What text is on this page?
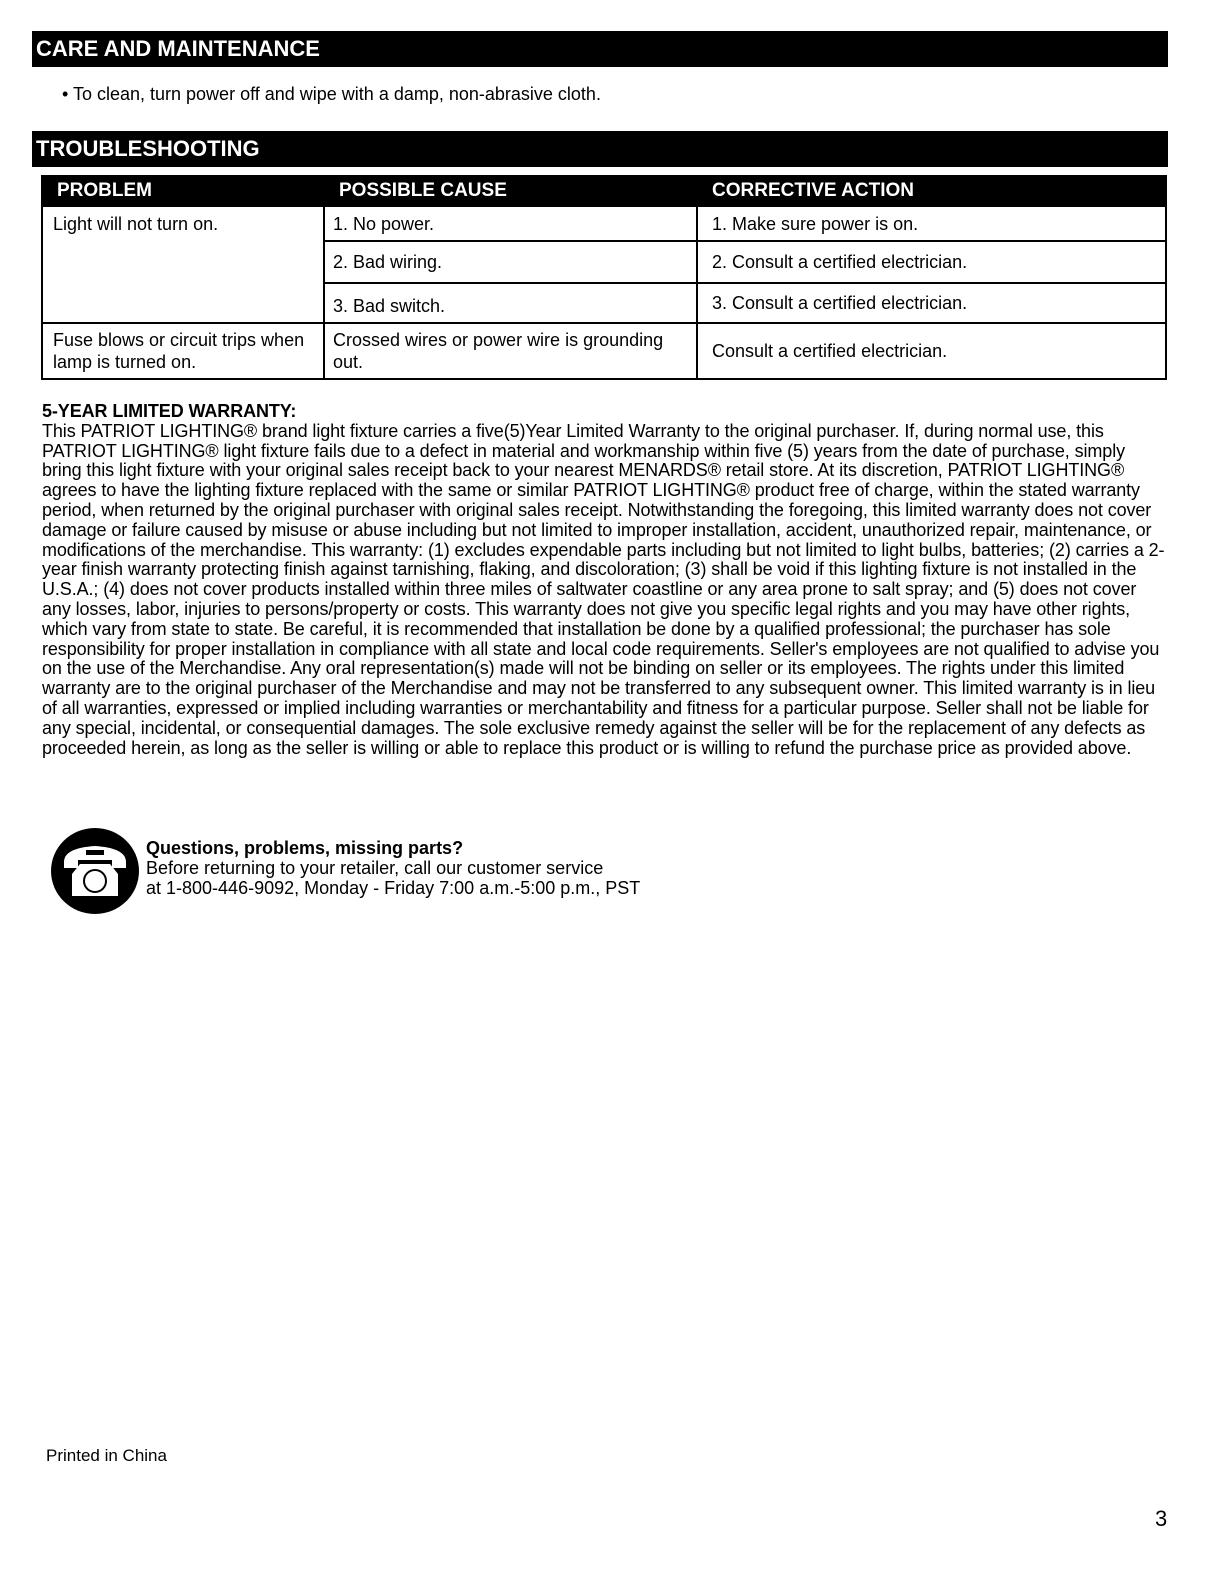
CARE AND MAINTENANCE
• To clean, turn power off and wipe with a damp, non-abrasive cloth.
TROUBLESHOOTING
PROBLEM	POSSIBLE CAUSE	CORRECTIVE ACTION
Light will not turn on.	1. No power.	1. Make sure power is on.
	2. Bad wiring.	2. Consult a certified electrician.
	3. Bad switch.	3. Consult a certified electrician.
Fuse blows or circuit trips when lamp is turned on.	Crossed wires or power wire is grounding out.	Consult a certified electrician.
5-YEAR LIMITED WARRANTY:

This PATRIOT LIGHTING® brand light fixture carries a five(5)Year Limited Warranty to the original purchaser. If, during normal use, this PATRIOT LIGHTING® light fixture fails due to a defect in material and workmanship within five (5) years from the date of purchase, simply bring this light fixture with your original sales receipt back to your nearest MENARDS® retail store. At its discretion, PATRIOT LIGHTING® agrees to have the lighting fixture replaced with the same or similar PATRIOT LIGHTING® product free of charge, within the stated warranty period, when returned by the original purchaser with original sales receipt. Notwithstanding the foregoing, this limited warranty does not cover damage or failure caused by misuse or abuse including but not limited to improper installation, accident, unauthorized repair, maintenance, or modifications of the merchandise. This warranty: (1) excludes expendable parts including but not limited to light bulbs, batteries; (2) carries a 2-year finish warranty protecting finish against tarnishing, flaking, and discoloration; (3) shall be void if this lighting fixture is not installed in the U.S.A.; (4) does not cover products installed within three miles of saltwater coastline or any area prone to salt spray; and (5) does not cover any losses, labor, injuries to persons/property or costs. This warranty does not give you specific legal rights and you may have other rights, which vary from state to state. Be careful, it is recommended that installation be done by a qualified professional; the purchaser has sole responsibility for proper installation in compliance with all state and local code requirements. Seller's employees are not qualified to advise you on the use of the Merchandise. Any oral representation(s) made will not be binding on seller or its employees. The rights under this limited warranty are to the original purchaser of the Merchandise and may not be transferred to any subsequent owner. This limited warranty is in lieu of all warranties, expressed or implied including warranties or merchantability and fitness for a particular purpose. Seller shall not be liable for any special, incidental, or consequential damages. The sole exclusive remedy against the seller will be for the replacement of any defects as proceeded herein, as long as the seller is willing or able to replace this product or is willing to refund the purchase price as provided above.

Questions, problems, missing parts?
Before returning to your retailer, call our customer service
at 1-800-446-9092, Monday - Friday 7:00 a.m.-5:00 p.m., PST
Printed in China
3
